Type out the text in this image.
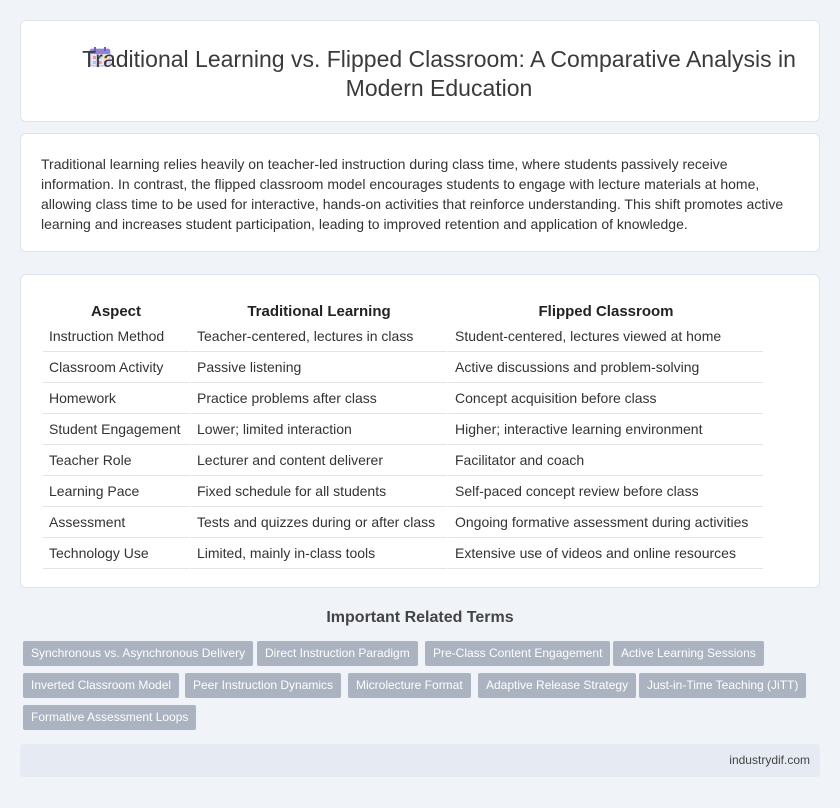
Traditional Learning vs. Flipped Classroom: A Comparative Analysis in Modern Education

Traditional learning relies heavily on teacher-led instruction during class time, where students passively receive information. In contrast, the flipped classroom model encourages students to engage with lecture materials at home, allowing class time to be used for interactive, hands-on activities that reinforce understanding. This shift promotes active learning and increases student participation, leading to improved retention and application of knowledge.

Aspect	Traditional Learning	Flipped Classroom
Instruction Method	Teacher-centered, lectures in class	Student-centered, lectures viewed at home
Classroom Activity	Passive listening	Active discussions and problem-solving
Homework	Practice problems after class	Concept acquisition before class
Student Engagement	Lower; limited interaction	Higher; interactive learning environment
Teacher Role	Lecturer and content deliverer	Facilitator and coach
Learning Pace	Fixed schedule for all students	Self-paced concept review before class
Assessment	Tests and quizzes during or after class	Ongoing formative assessment during activities
Technology Use	Limited, mainly in-class tools	Extensive use of videos and online resources
Important Related Terms
Synchronous vs. Asynchronous Delivery	Direct Instruction Paradigm	Pre-Class Content Engagement	Active Learning Sessions
Inverted Classroom Model	Peer Instruction Dynamics	Microlecture Format	Adaptive Release Strategy	Just-in-Time Teaching (JiTT)
Formative Assessment Loops
industrydif.com
